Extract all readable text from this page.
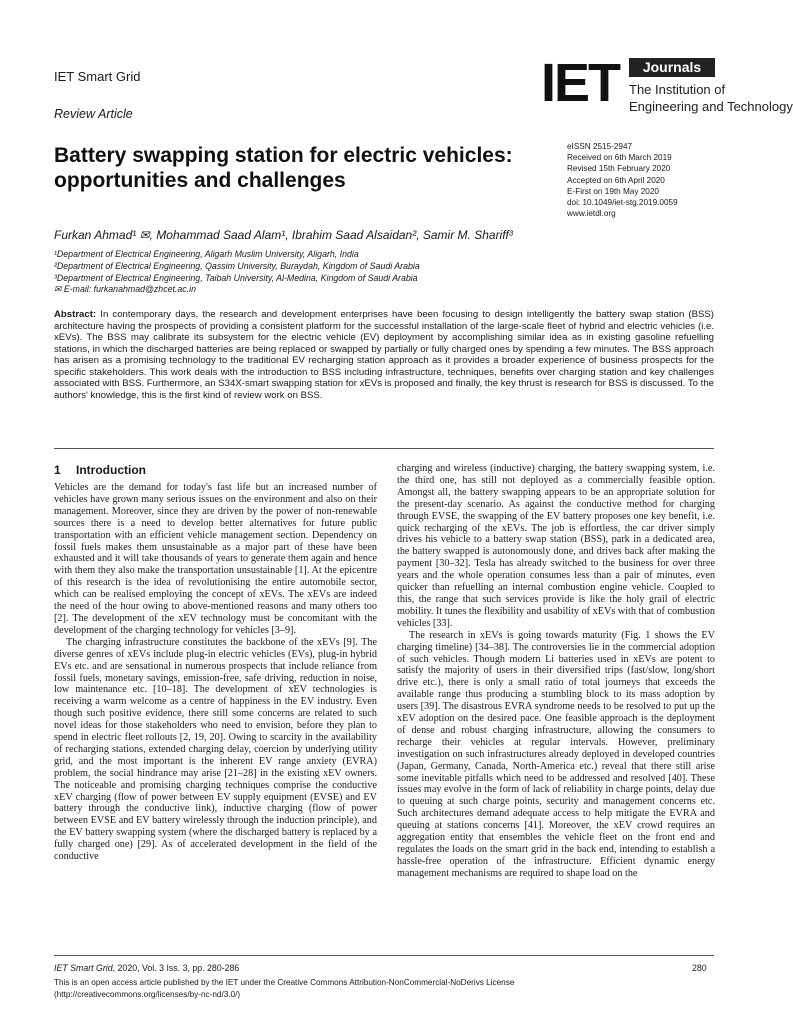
IET Smart Grid
Review Article
IET	Journals
The Institution of
Engineering and Technology
Battery swapping station for electric vehicles: opportunities and challenges
eISSN 2515-2947
Received on 6th March 2019
Revised 15th February 2020
Accepted on 6th April 2020
E-First on 19th May 2020
doi: 10.1049/iet-stg.2019.0059
www.ietdl.org
Furkan Ahmad¹ ✉, Mohammad Saad Alam¹, Ibrahim Saad Alsaidan², Samir M. Shariff³
¹Department of Electrical Engineering, Aligarh Muslim University, Aligarh, India
²Department of Electrical Engineering, Qassim University, Buraydah, Kingdom of Saudi Arabia
³Department of Electrical Engineering, Taibah University, Al-Medina, Kingdom of Saudi Arabia
✉ E-mail: furkanahmad@zhcet.ac.in
Abstract: In contemporary days, the research and development enterprises have been focusing to design intelligently the battery swap station (BSS) architecture having the prospects of providing a consistent platform for the successful installation of the large-scale fleet of hybrid and electric vehicles (i.e. xEVs). The BSS may calibrate its subsystem for the electric vehicle (EV) deployment by accomplishing similar idea as in existing gasoline refuelling stations, in which the discharged batteries are being replaced or swapped by partially or fully charged ones by spending a few minutes. The BSS approach has arisen as a promising technology to the traditional EV recharging station approach as it provides a broader experience of business prospects for the specific stakeholders. This work deals with the introduction to BSS including infrastructure, techniques, benefits over charging station and key challenges associated with BSS. Furthermore, an S34X-smart swapping station for xEVs is proposed and finally, the key thrust is research for BSS is discussed. To the authors' knowledge, this is the first kind of review work on BSS.
1 Introduction

Vehicles are the demand for today's fast life but an increased number of vehicles have grown many serious issues on the environment and also on their management. Moreover, since they are driven by the power of non-renewable sources there is a need to develop better alternatives for future public transportation with an efficient vehicle management section. Dependency on fossil fuels makes them unsustainable as a major part of these have been exhausted and it will take thousands of years to generate them again and hence with them they also make the transportation unsustainable [1]. At the epicentre of this research is the idea of revolutionising the entire automobile sector, which can be realised employing the concept of xEVs. The xEVs are indeed the need of the hour owing to above-mentioned reasons and many others too [2]. The development of the xEV technology must be concomitant with the development of the charging technology for vehicles [3–9].

The charging infrastructure constitutes the backbone of the xEVs [9]. The diverse genres of xEVs include plug-in electric vehicles (EVs), plug-in hybrid EVs etc. and are sensational in numerous prospects that include reliance from fossil fuels, monetary savings, emission-free, safe driving, reduction in noise, low maintenance etc. [10–18]. The development of xEV technologies is receiving a warm welcome as a centre of happiness in the EV industry. Even though such positive evidence, there still some concerns are related to such novel ideas for those stakeholders who need to envision, before they plan to spend in electric fleet rollouts [2, 19, 20]. Owing to scarcity in the availability of recharging stations, extended charging delay, coercion by underlying utility grid, and the most important is the inherent EV range anxiety (EVRA) problem, the social hindrance may arise [21–28] in the existing xEV owners. The noticeable and promising charging techniques comprise the conductive xEV charging (flow of power between EV supply equipment (EVSE) and EV battery through the conductive link), inductive charging (flow of power between EVSE and EV battery wirelessly through the induction principle), and the EV battery swapping system (where the discharged battery is replaced by a fully charged one) [29]. As of accelerated development in the field of the conductive

charging and wireless (inductive) charging, the battery swapping system, i.e. the third one, has still not deployed as a commercially feasible option. Amongst all, the battery swapping appears to be an appropriate solution for the present-day scenario. As against the conductive method for charging through EVSE, the swapping of the EV battery proposes one key benefit, i.e. quick recharging of the xEVs. The job is effortless, the car driver simply drives his vehicle to a battery swap station (BSS), park in a dedicated area, the battery swapped is autonomously done, and drives back after making the payment [30–32]. Tesla has already switched to the business for over three years and the whole operation consumes less than a pair of minutes, even quicker than refuelling an internal combustion engine vehicle. Coupled to this, the range that such services provide is like the holy grail of electric mobility. It tunes the flexibility and usability of xEVs with that of combustion vehicles [33].

The research in xEVs is going towards maturity (Fig. 1 shows the EV charging timeline) [34–38]. The controversies lie in the commercial adoption of such vehicles. Though modern Li batteries used in xEVs are potent to satisfy the majority of users in their diversified trips (fast/slow, long/short drive etc.), there is only a small ratio of total journeys that exceeds the available range thus producing a stumbling block to its mass adoption by users [39]. The disastrous EVRA syndrome needs to be resolved to put up the xEV adoption on the desired pace. One feasible approach is the deployment of dense and robust charging infrastructure, allowing the consumers to recharge their vehicles at regular intervals. However, preliminary investigation on such infrastructures already deployed in developed countries (Japan, Germany, Canada, North-America etc.) reveal that there still arise some inevitable pitfalls which need to be addressed and resolved [40]. These issues may evolve in the form of lack of reliability in charge points, delay due to queuing at such charge points, security and management concerns etc. Such architectures demand adequate access to help mitigate the EVRA and queuing at stations concerns [41]. Moreover, the xEV crowd requires an aggregation entity that ensembles the vehicle fleet on the front end and regulates the loads on the smart grid in the back end, intending to establish a hassle-free operation of the infrastructure. Efficient dynamic energy management mechanisms are required to shape load on the

IET Smart Grid, 2020, Vol. 3 Iss. 3, pp. 280-286	280
This is an open access article published by the IET under the Creative Commons Attribution-NonCommercial-NoDerivs License
(http://creativecommons.org/licenses/by-nc-nd/3.0/)
